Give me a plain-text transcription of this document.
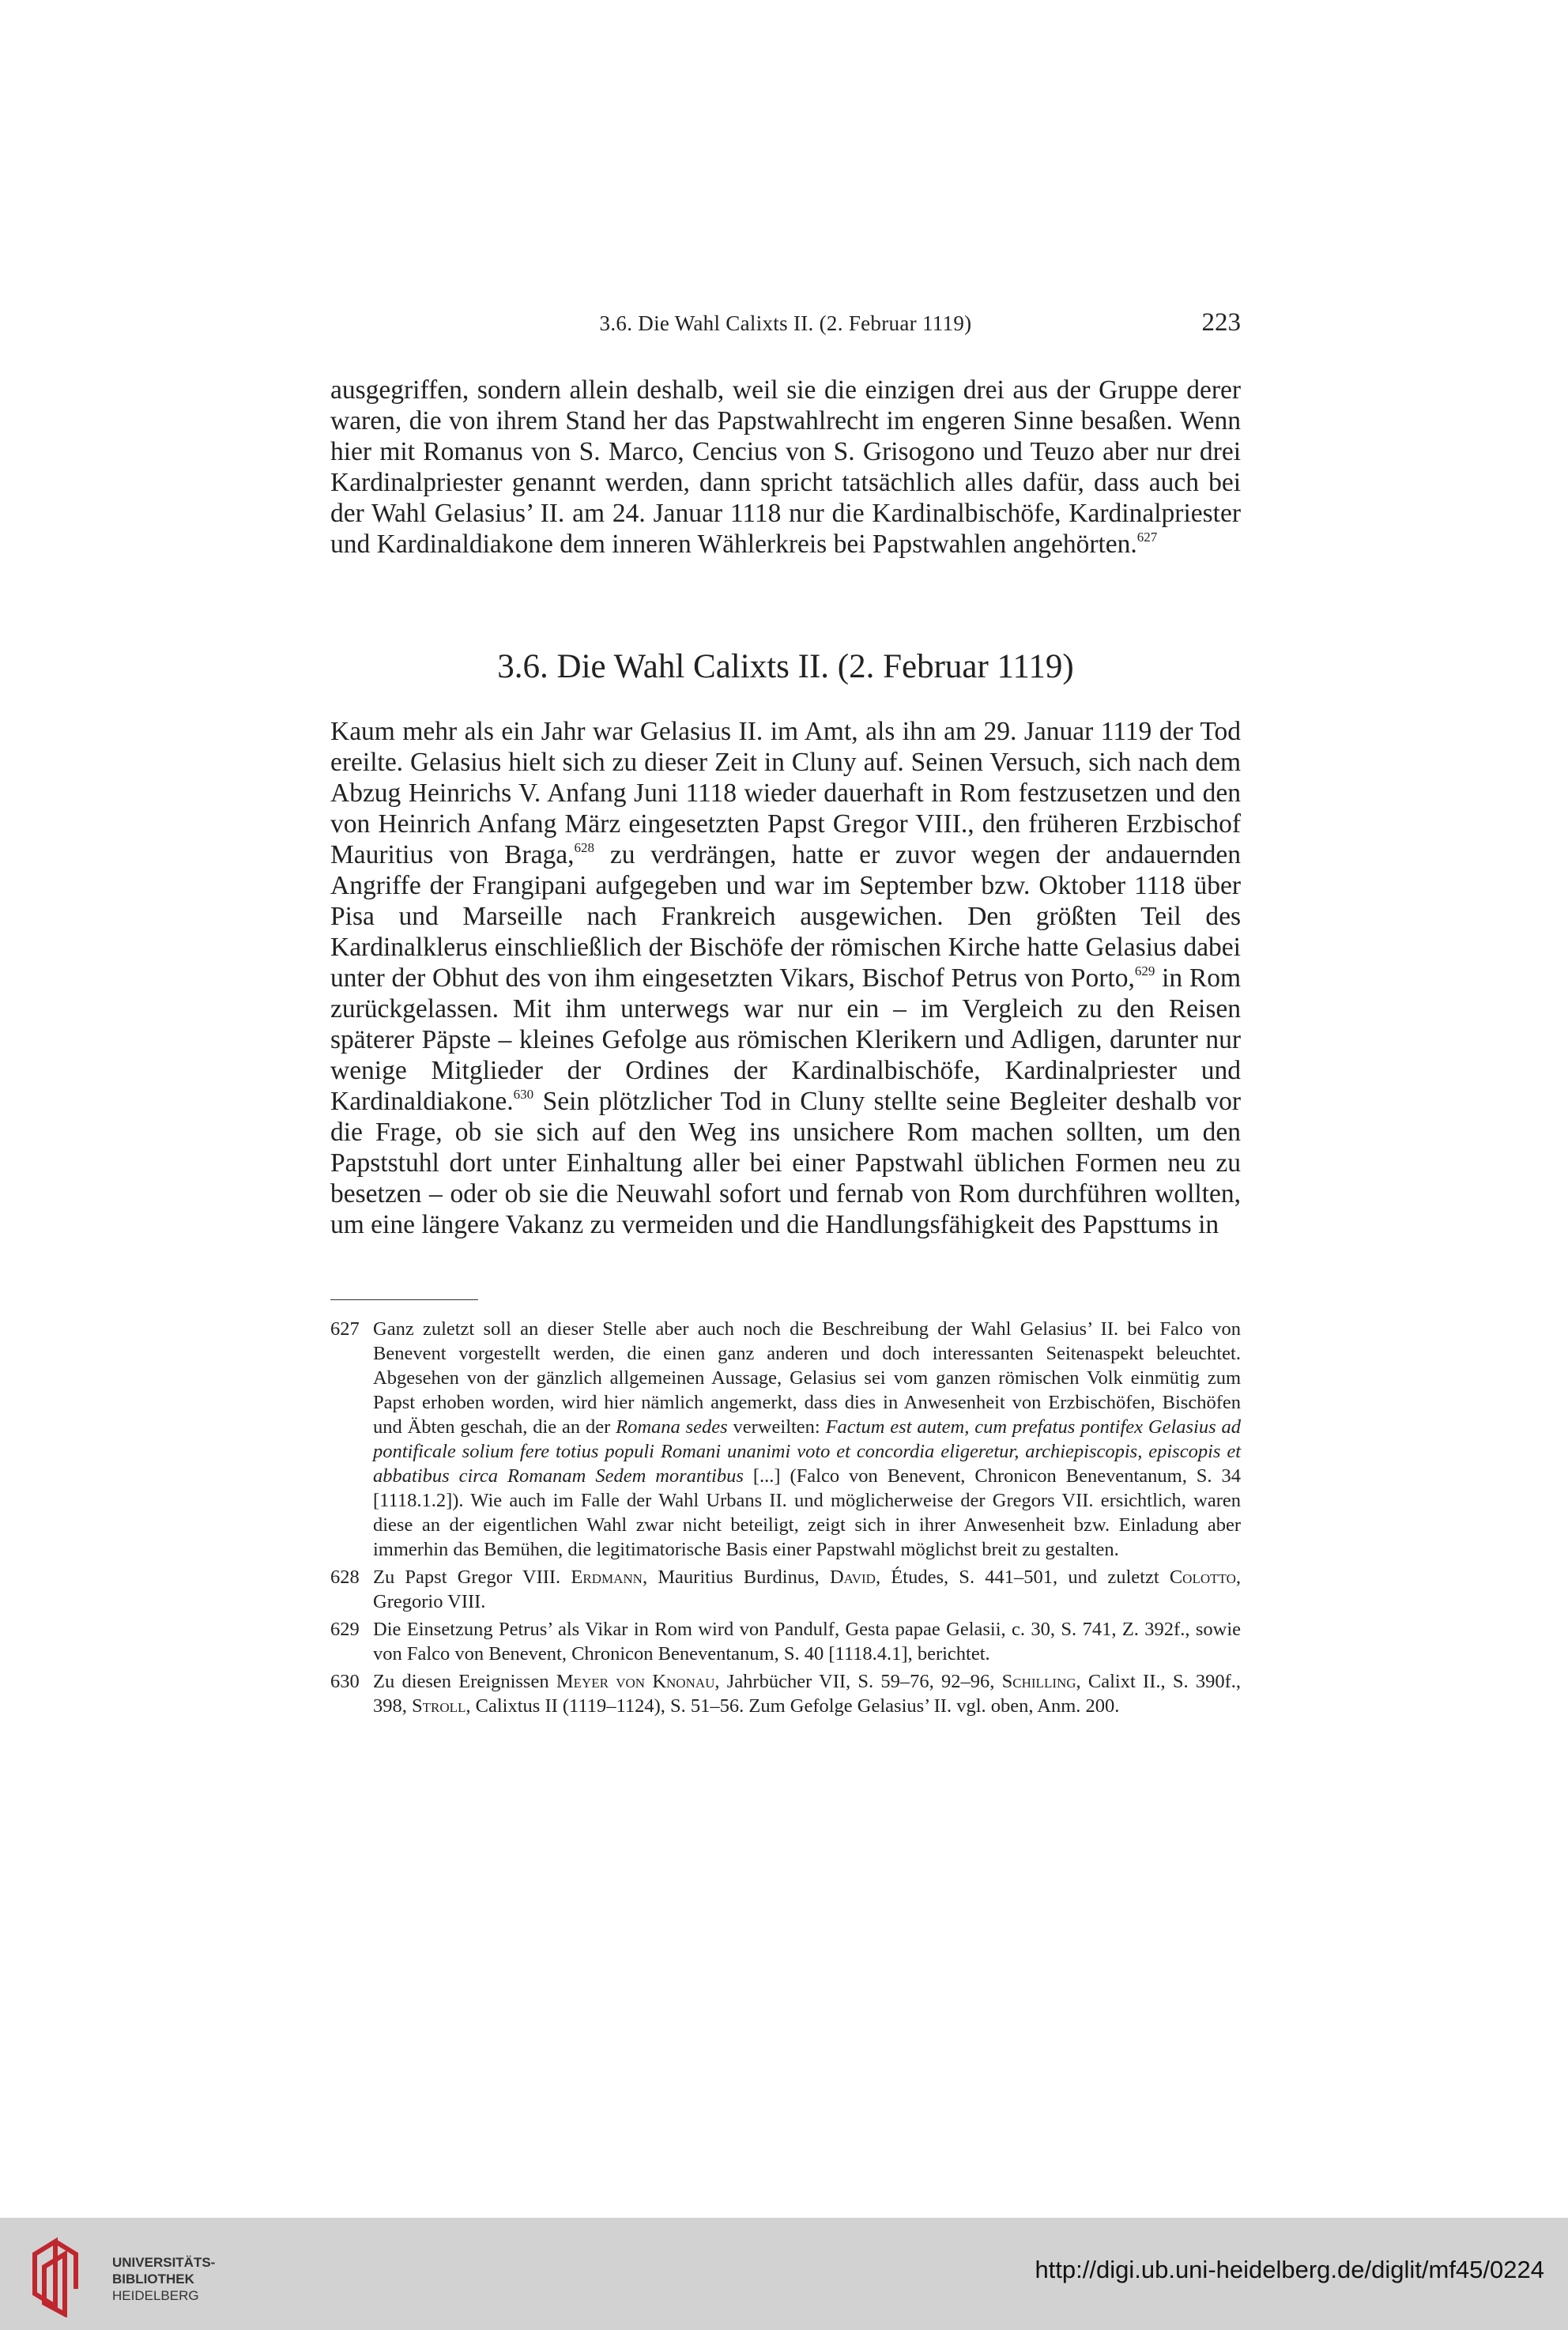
3.6. Die Wahl Calixts II. (2. Februar 1119)	223

ausgegriffen, sondern allein deshalb, weil sie die einzigen drei aus der Gruppe derer waren, die von ihrem Stand her das Papstwahlrecht im engeren Sinne besaßen. Wenn hier mit Romanus von S. Marco, Cencius von S. Grisogono und Teuzo aber nur drei Kardinalpriester genannt werden, dann spricht tatsächlich alles dafür, dass auch bei der Wahl Gelasius’ II. am 24. Januar 1118 nur die Kardinalbischöfe, Kardinalpriester und Kardinaldiakone dem inneren Wählerkreis bei Papstwahlen angehörten.$^{627}$

3.6. Die Wahl Calixts II. (2. Februar 1119)

Kaum mehr als ein Jahr war Gelasius II. im Amt, als ihn am 29. Januar 1119 der Tod ereilte. Gelasius hielt sich zu dieser Zeit in Cluny auf. Seinen Versuch, sich nach dem Abzug Heinrichs V. Anfang Juni 1118 wieder dauerhaft in Rom festzusetzen und den von Heinrich Anfang März eingesetzten Papst Gregor VIII., den früheren Erzbischof Mauritius von Braga,$^{628}$ zu verdrängen, hatte er zuvor wegen der andauernden Angriffe der Frangipani aufgegeben und war im September bzw. Oktober 1118 über Pisa und Marseille nach Frankreich ausgewichen. Den größten Teil des Kardinalklerus einschließlich der Bischöfe der römischen Kirche hatte Gelasius dabei unter der Obhut des von ihm eingesetzten Vikars, Bischof Petrus von Porto,$^{629}$ in Rom zurückgelassen. Mit ihm unterwegs war nur ein – im Vergleich zu den Reisen späterer Päpste – kleines Gefolge aus römischen Klerikern und Adligen, darunter nur wenige Mitglieder der Ordines der Kardinalbischöfe, Kardinalpriester und Kardinaldiakone.$^{630}$ Sein plötzlicher Tod in Cluny stellte seine Begleiter deshalb vor die Frage, ob sie sich auf den Weg ins unsichere Rom machen sollten, um den Papststuhl dort unter Einhaltung aller bei einer Papstwahl üblichen Formen neu zu besetzen – oder ob sie die Neuwahl sofort und fernab von Rom durchführen wollten, um eine längere Vakanz zu vermeiden und die Handlungsfähigkeit des Papsttums in

627 Ganz zuletzt soll an dieser Stelle aber auch noch die Beschreibung der Wahl Gelasius’ II. bei Falco von Benevent vorgestellt werden, die einen ganz anderen und doch interessanten Seitenaspekt beleuchtet. Abgesehen von der gänzlich allgemeinen Aussage, Gelasius sei vom ganzen römischen Volk einmütig zum Papst erhoben worden, wird hier nämlich angemerkt, dass dies in Anwesenheit von Erzbischöfen, Bischöfen und Äbten geschah, die an der Romana sedes verweilten: Factum est autem, cum prefatus pontifex Gelasius ad pontificale solium fere totius populi Romani unanimi voto et concordia eligeretur, archiepiscopis, episcopis et abbatibus circa Romanam Sedem morantibus [...] (Falco von Benevent, Chronicon Beneventanum, S. 34 [1118.1.2]). Wie auch im Falle der Wahl Urbans II. und möglicherweise der Gregors VII. ersichtlich, waren diese an der eigentlichen Wahl zwar nicht beteiligt, zeigt sich in ihrer Anwesenheit bzw. Einladung aber immerhin das Bemühen, die legitimatorische Basis einer Papstwahl möglichst breit zu gestalten.
628 Zu Papst Gregor VIII. Erdmann, Mauritius Burdinus, David, Études, S. 441–501, und zuletzt Colotto, Gregorio VIII.
629 Die Einsetzung Petrus’ als Vikar in Rom wird von Pandulf, Gesta papae Gelasii, c. 30, S. 741, Z. 392f., sowie von Falco von Benevent, Chronicon Beneventanum, S. 40 [1118.4.1], berichtet.
630 Zu diesen Ereignissen Meyer von Knonau, Jahrbücher VII, S. 59–76, 92–96, Schilling, Calixt II., S. 390f., 398, Stroll, Calixtus II (1119–1124), S. 51–56. Zum Gefolge Gelasius’ II. vgl. oben, Anm. 200.
UNIVERSITÄTS-
BIBLIOTHEK
HEIDELBERG
http://digi.ub.uni-heidelberg.de/diglit/mf45/0224
